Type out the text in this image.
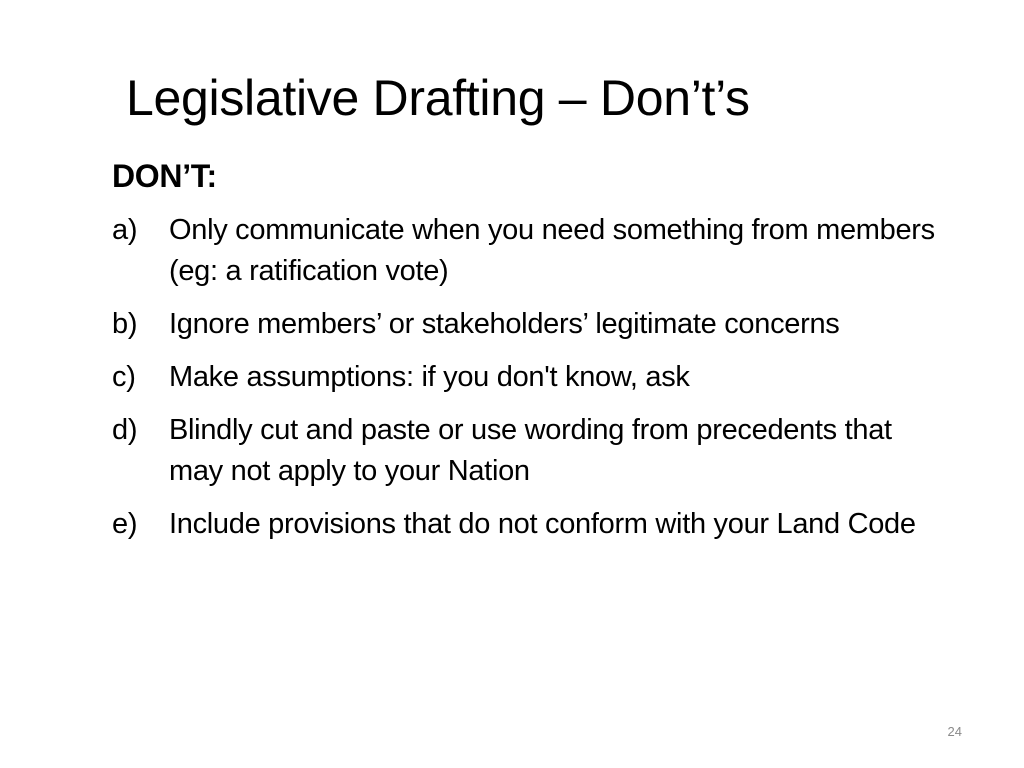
Legislative Drafting – Don’t’s
DON’T:
a)	Only communicate when you need something from members (eg: a ratification vote)
b)	Ignore members’ or stakeholders’ legitimate concerns
c)	Make assumptions: if you don't know, ask
d)	Blindly cut and paste or use wording from precedents that may not apply to your Nation
e)	Include provisions that do not conform with your Land Code
24
